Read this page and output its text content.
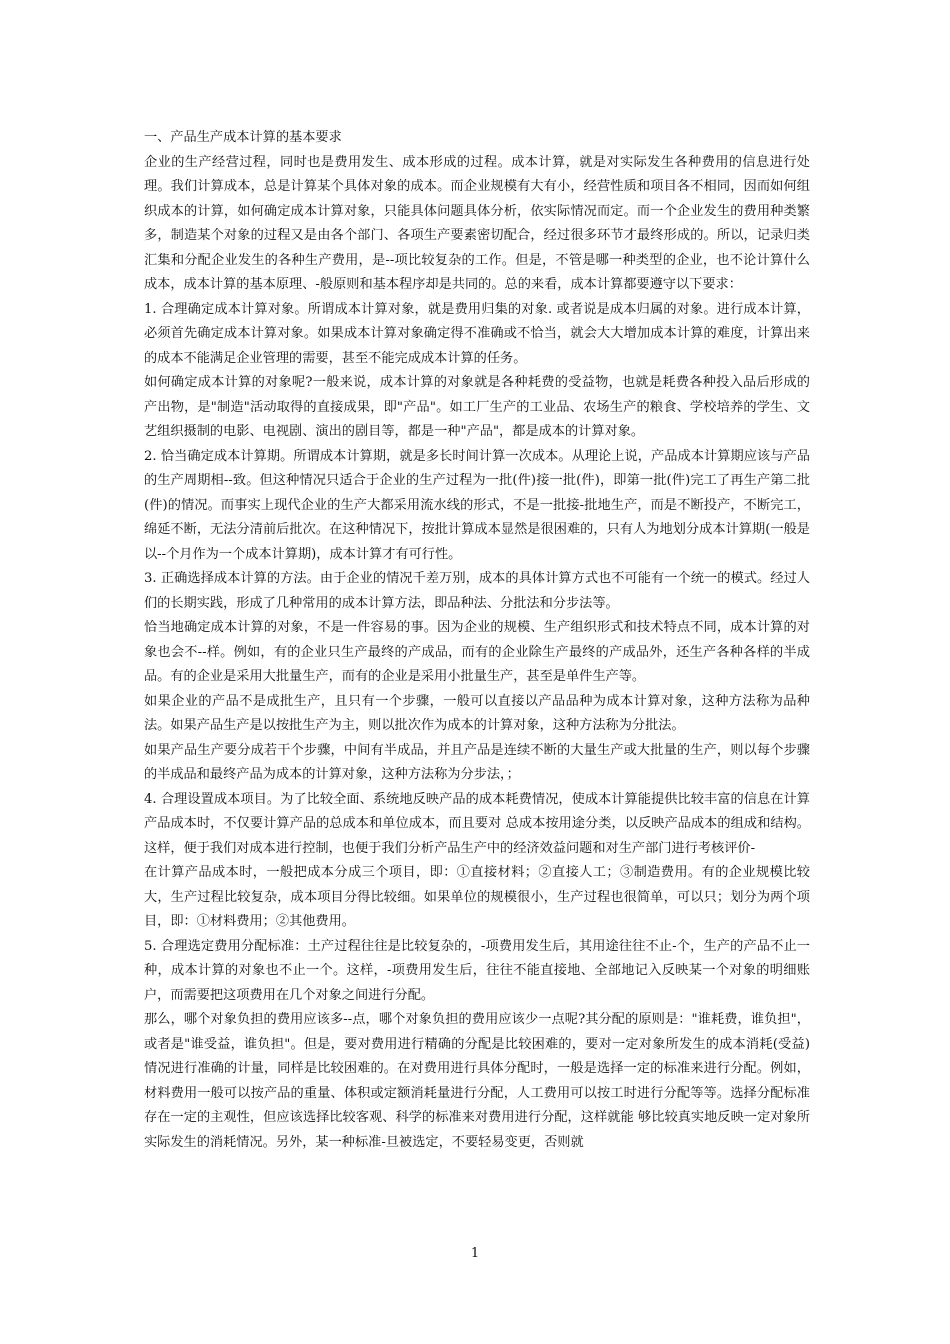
一、产品生产成本计算的基本要求

企业的生产经营过程，同时也是费用发生、成本形成的过程。成本计算，就是对实际发生各种费用的信息进行处理。我们计算成本，总是计算某个具体对象的成本。而企业规模有大有小，经营性质和项目各不相同，因而如何组织成本的计算，如何确定成本计算对象，只能具体问题具体分析，依实际情况而定。而一个企业发生的费用种类繁多，制造某个对象的过程又是由各个部门、各项生产要素密切配合，经过很多环节才最终形成的。所以，记录归类汇集和分配企业发生的各种生产费用，是--项比较复杂的工作。但是，不管是哪一种类型的企业，也不论计算什么成本，成本计算的基本原理、-般原则和基本程序却是共同的。总的来看，成本计算都要遵守以下要求：

1. 合理确定成本计算对象。所谓成本计算对象，就是费用归集的对象. 或者说是成本归属的对象。进行成本计算，必须首先确定成本计算对象。如果成本计算对象确定得不准确或不恰当，就会大大增加成本计算的难度，计算出来的成本不能满足企业管理的需要，甚至不能完成成本计算的任务。

如何确定成本计算的对象呢?一般来说，成本计算的对象就是各种耗费的受益物，也就是耗费各种投入品后形成的产出物，是"制造"活动取得的直接成果，即"产品"。如工厂生产的工业品、农场生产的粮食、学校培养的学生、文艺组织摄制的电影、电视剧、演出的剧目等，都是一种"产品"，都是成本的计算对象。

2. 恰当确定成本计算期。所谓成本计算期，就是多长时间计算一次成本。从理论上说，产品成本计算期应该与产品的生产周期相--致。但这种情况只适合于企业的生产过程为一批(件)接一批(件)，即第一批(件)完工了再生产第二批(件)的情况。而事实上现代企业的生产大都采用流水线的形式，不是一批接-批地生产，而是不断投产，不断完工，绵延不断，无法分清前后批次。在这种情况下，按批计算成本显然是很困难的，只有人为地划分成本计算期(一般是以--个月作为一个成本计算期)，成本计算才有可行性。

3. 正确选择成本计算的方法。由于企业的情况千差万别，成本的具体计算方式也不可能有一个统一的模式。经过人们的长期实践，形成了几种常用的成本计算方法，即品种法、分批法和分步法等。

恰当地确定成本计算的对象，不是一件容易的事。因为企业的规模、生产组织形式和技术特点不同，成本计算的对象也会不--样。例如，有的企业只生产最终的产成品，而有的企业除生产最终的产成品外，还生产各种各样的半成品。有的企业是采用大批量生产，而有的企业是采用小批量生产，甚至是单件生产等。

如果企业的产品不是成批生产，且只有一个步骤，一般可以直接以产品品种为成本计算对象，这种方法称为品种法。如果产品生产是以按批生产为主，则以批次作为成本的计算对象，这种方法称为分批法。

如果产品生产要分成若干个步骤，中间有半成品，并且产品是连续不断的大量生产或大批量的生产，则以每个步骤的半成品和最终产品为成本的计算对象，这种方法称为分步法，；

4. 合理设置成本项目。为了比较全面、系统地反映产品的成本耗费情况，使成本计算能提供比较丰富的信息在计算产品成本时，不仅要计算产品的总成本和单位成本，而且要对 总成本按用途分类，以反映产品成本的组成和结构。这样，便于我们对成本进行控制，也便于我们分析产品生产中的经济效益问题和对生产部门进行考核评价-

在计算产品成本时，一般把成本分成三个项目，即：①直接材料；②直接人工；③制造费用。有的企业规模比较大，生产过程比较复杂，成本项目分得比较细。如果单位的规模很小，生产过程也很简单，可以只；划分为两个项目，即：①材料费用；②其他费用。

5. 合理选定费用分配标准：土产过程往往是比较复杂的，-项费用发生后，其用途往往不止-个，生产的产品不止一种，成本计算的对象也不止一个。这样，-项费用发生后，往往不能直接地、全部地记入反映某一个对象的明细账户，而需要把这项费用在几个对象之间进行分配。

那么，哪个对象负担的费用应该多--点，哪个对象负担的费用应该少一点呢?其分配的原则是："谁耗费，谁负担"，或者是"谁受益，谁负担"。但是，要对费用进行精确的分配是比较困难的，要对一定对象所发生的成本消耗(受益)情况进行准确的计量，同样是比较困难的。在对费用进行具体分配时，一般是选择一定的标准来进行分配。例如，材料费用一般可以按产品的重量、体积或定额消耗量进行分配，人工费用可以按工时进行分配等等。选择分配标准存在一定的主观性，但应该选择比较客观、科学的标准来对费用进行分配，这样就能 够比较真实地反映一定对象所实际发生的消耗情况。另外，某一种标准-旦被选定，不要轻易变更，否则就

1
